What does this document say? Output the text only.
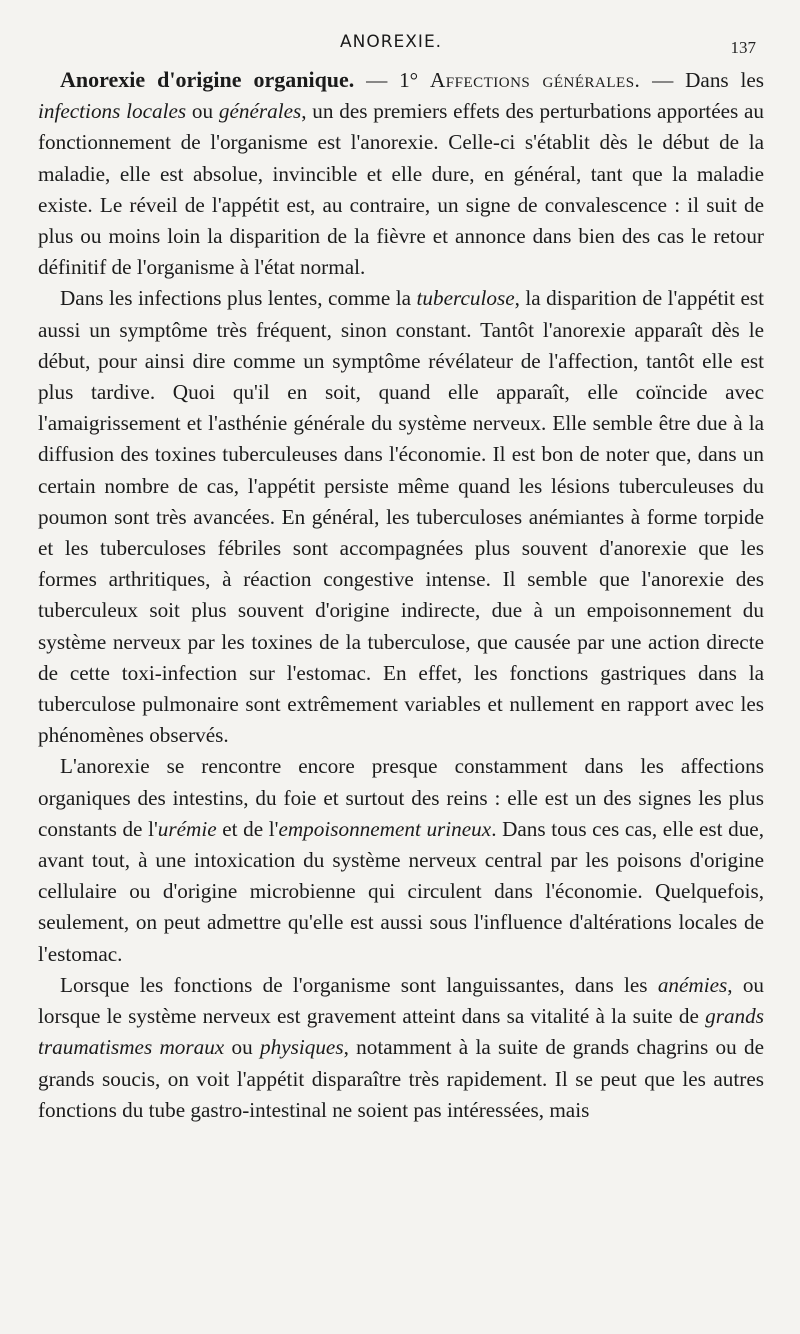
ANOREXIE.	137

Anorexie d'origine organique. — 1° Affections générales. — Dans les infections locales ou générales, un des premiers effets des perturbations apportées au fonctionnement de l'organisme est l'anorexie. Celle-ci s'établit dès le début de la maladie, elle est absolue, invincible et elle dure, en général, tant que la maladie existe. Le réveil de l'appétit est, au contraire, un signe de convalescence : il suit de plus ou moins loin la disparition de la fièvre et annonce dans bien des cas le retour définitif de l'organisme à l'état normal.

Dans les infections plus lentes, comme la tuberculose, la disparition de l'appétit est aussi un symptôme très fréquent, sinon constant. Tantôt l'anorexie apparaît dès le début, pour ainsi dire comme un symptôme révélateur de l'affection, tantôt elle est plus tardive. Quoi qu'il en soit, quand elle apparaît, elle coïncide avec l'amaigrissement et l'asthénie générale du système nerveux. Elle semble être due à la diffusion des toxines tuberculeuses dans l'économie. Il est bon de noter que, dans un certain nombre de cas, l'appétit persiste même quand les lésions tuberculeuses du poumon sont très avancées. En général, les tuberculoses anémiantes à forme torpide et les tuberculoses fébriles sont accompagnées plus souvent d'anorexie que les formes arthritiques, à réaction congestive intense. Il semble que l'anorexie des tuberculeux soit plus souvent d'origine indirecte, due à un empoisonnement du système nerveux par les toxines de la tuberculose, que causée par une action directe de cette toxi-infection sur l'estomac. En effet, les fonctions gastriques dans la tuberculose pulmonaire sont extrêmement variables et nullement en rapport avec les phénomènes observés.

L'anorexie se rencontre encore presque constamment dans les affections organiques des intestins, du foie et surtout des reins : elle est un des signes les plus constants de l'urémie et de l'empoisonnement urineux. Dans tous ces cas, elle est due, avant tout, à une intoxication du système nerveux central par les poisons d'origine cellulaire ou d'origine microbienne qui circulent dans l'économie. Quelquefois, seulement, on peut admettre qu'elle est aussi sous l'influence d'altérations locales de l'estomac.

Lorsque les fonctions de l'organisme sont languissantes, dans les anémies, ou lorsque le système nerveux est gravement atteint dans sa vitalité à la suite de grands traumatismes moraux ou physiques, notamment à la suite de grands chagrins ou de grands soucis, on voit l'appétit disparaître très rapidement. Il se peut que les autres fonctions du tube gastro-intestinal ne soient pas intéressées, mais
